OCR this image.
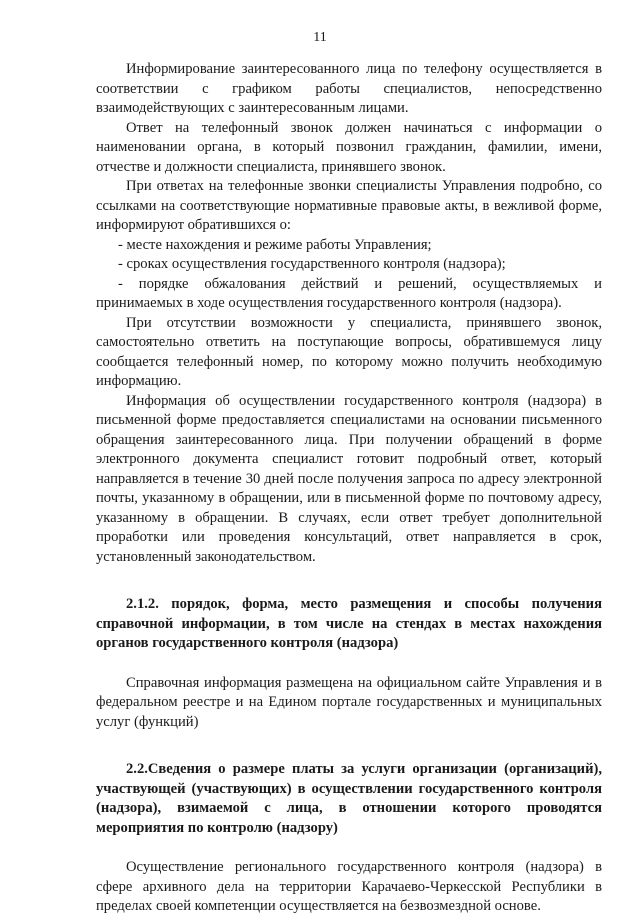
11

Информирование заинтересованного лица по телефону осуществляется в соответствии с графиком работы специалистов, непосредственно взаимодействующих с заинтересованным лицами.

Ответ на телефонный звонок должен начинаться с информации о наименовании органа, в который позвонил гражданин, фамилии, имени, отчестве и должности специалиста, принявшего звонок.

При ответах на телефонные звонки специалисты Управления подробно, со ссылками на соответствующие нормативные правовые акты, в вежливой форме, информируют обратившихся о:

- месте нахождения и режиме работы Управления;

- сроках осуществления государственного контроля (надзора);

- порядке обжалования действий и решений, осуществляемых и принимаемых в ходе осуществления государственного контроля (надзора).

При отсутствии возможности у специалиста, принявшего звонок, самостоятельно ответить на поступающие вопросы, обратившемуся лицу сообщается телефонный номер, по которому можно получить необходимую информацию.

Информация об осуществлении государственного контроля (надзора) в письменной форме предоставляется специалистами на основании письменного обращения заинтересованного лица. При получении обращений в форме электронного документа специалист готовит подробный ответ, который направляется в течение 30 дней после получения запроса по адресу электронной почты, указанному в обращении, или в письменной форме по почтовому адресу, указанному в обращении. В случаях, если ответ требует дополнительной проработки или проведения консультаций, ответ направляется в срок, установленный законодательством.

2.1.2. порядок, форма, место размещения и способы получения справочной информации, в том числе на стендах в местах нахождения органов государственного контроля (надзора)

Справочная информация размещена на официальном сайте Управления и в федеральном реестре и на Едином портале государственных и муниципальных услуг (функций)

2.2.Сведения о размере платы за услуги организации (организаций), участвующей (участвующих) в осуществлении государственного контроля (надзора), взимаемой с лица, в отношении которого проводятся мероприятия по контролю (надзору)

Осуществление регионального государственного контроля (надзора) в сфере архивного дела на территории Карачаево-Черкесской Республики в пределах своей компетенции осуществляется на безвозмездной основе.
